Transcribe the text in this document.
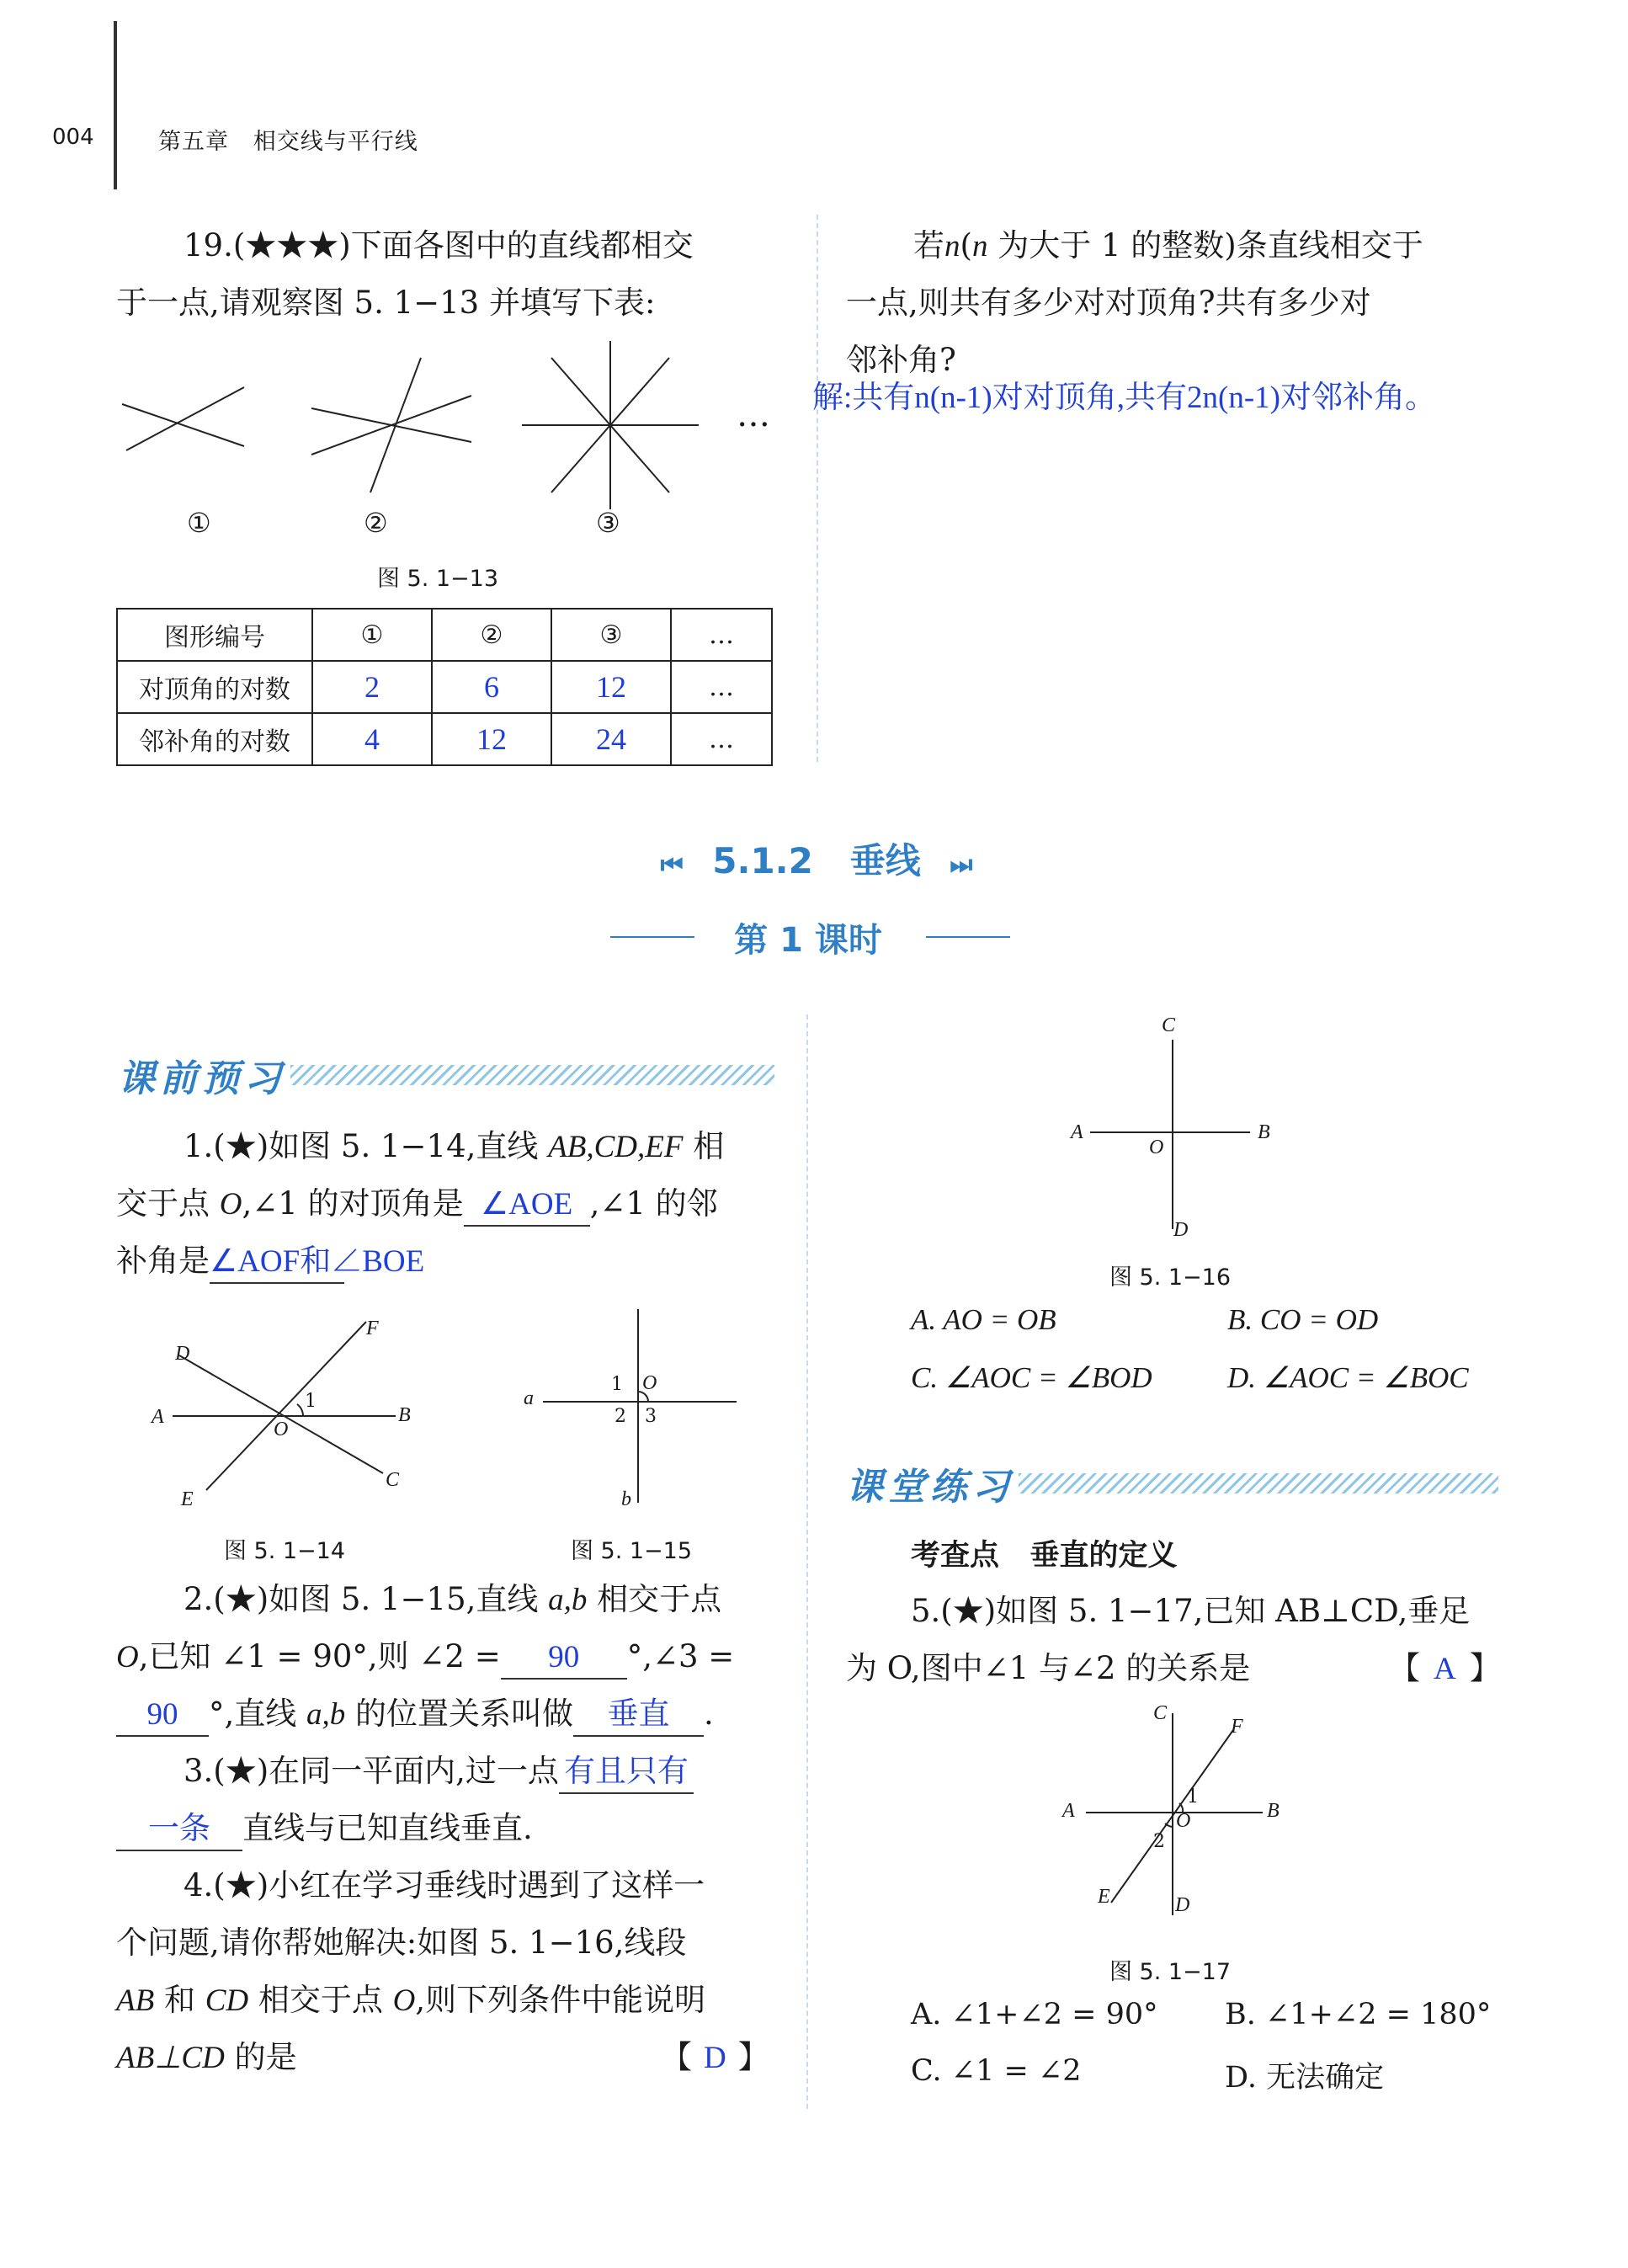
004	第五章 相交线与平行线
19.(★★★)下面各图中的直线都相交
于一点,请观察图 5. 1−13 并填写下表:
…
①	②	③
图 5. 1−13
图形编号	①	②	③	…
对顶角的对数	2	6	12	…
邻补角的对数	4	12	24	…
若n(n 为大于 1 的整数)条直线相交于
一点,则共有多少对对顶角?共有多少对
邻补角?
解:共有n(n-1)对对顶角,共有2n(n-1)对邻补角。
⏮ 5.1.2   垂线 ⏭
第 1 课时
课前预习
1.(★)如图 5. 1−14,直线 AB,CD,EF 相
交于点 O,∠1 的对顶角是 ∠AOE ,∠1 的邻
补角是∠AOF和∠BOE
D
F
A	B
O
1
E
C
图 5. 1−14
a
1 O
2 3
b
图 5. 1−15
2.(★)如图 5. 1−15,直线 a,b 相交于点
O,已知 ∠1 = 90°,则 ∠2 = 90 °,∠3 =
90 °,直线 a,b 的位置关系叫做 垂直 .
3.(★)在同一平面内,过一点 有且只有
一条 直线与已知直线垂直.
4.(★)小红在学习垂线时遇到了这样一
个问题,请你帮她解决:如图 5. 1−16,线段
AB 和 CD 相交于点 O,则下列条件中能说明
AB⊥CD 的是	【 D 】
C
A
O
B
D
图 5. 1−16
A. AO = OB	B. CO = OD
C. ∠AOC = ∠BOD	D. ∠AOC = ∠BOC
课堂练习
考查点   垂直的定义
5.(★)如图 5. 1−17,已知 AB⊥CD,垂足
为 O,图中∠1 与∠2 的关系是	【 A 】
C
F
A	B
1
O
2
E	D
图 5. 1−17
A. ∠1+∠2 = 90° B. ∠1+∠2 = 180°
C. ∠1 = ∠2	D. 无法确定
